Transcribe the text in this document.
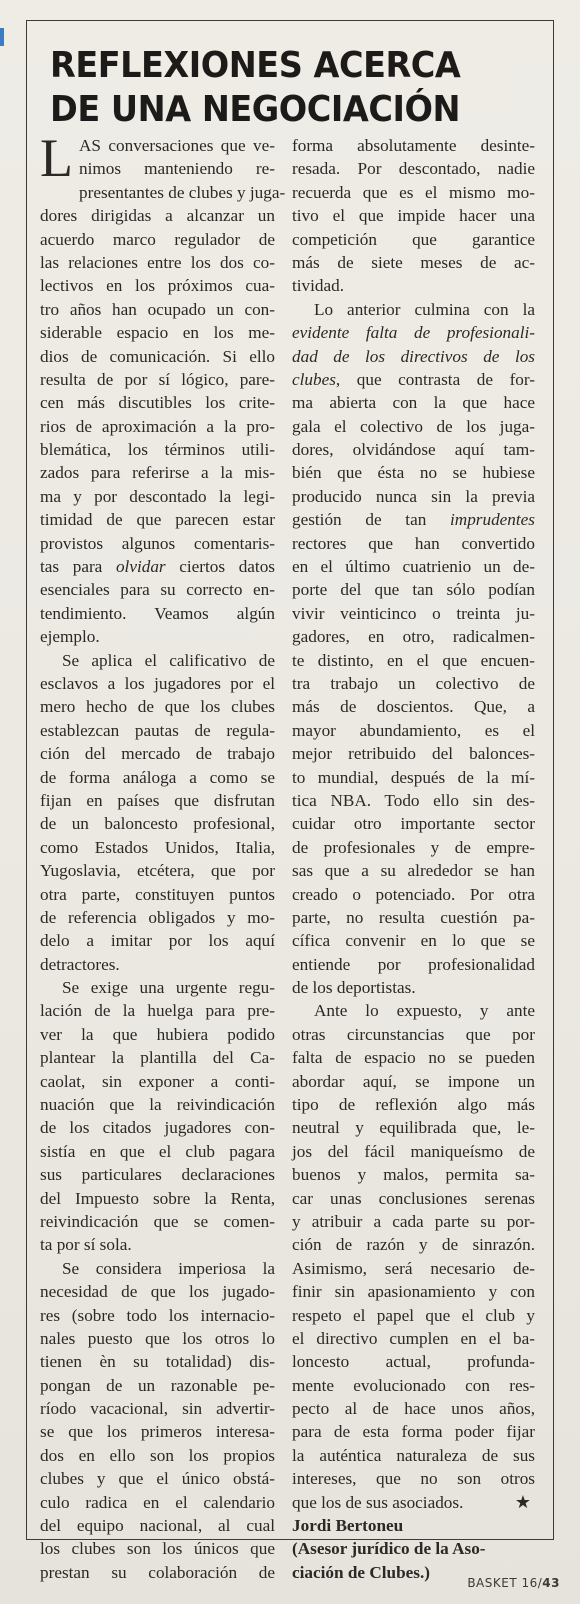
REFLEXIONES ACERCA
DE UNA NEGOCIACIÓN
L AS conversaciones que ve-
nimos manteniendo re-
presentantes de clubes y juga-
dores dirigidas a alcanzar un
acuerdo marco regulador de
las relaciones entre los dos co-
lectivos en los próximos cua-
tro años han ocupado un con-
siderable espacio en los me-
dios de comunicación. Si ello
resulta de por sí lógico, pare-
cen más discutibles los crite-
rios de aproximación a la pro-
blemática, los términos utili-
zados para referirse a la mis-
ma y por descontado la legi-
timidad de que parecen estar
provistos algunos comentaris-
tas para olvidar ciertos datos
esenciales para su correcto en-
tendimiento. Veamos algún
ejemplo.
Se aplica el calificativo de
esclavos a los jugadores por el
mero hecho de que los clubes
establezcan pautas de regula-
ción del mercado de trabajo
de forma análoga a como se
fijan en países que disfrutan
de un baloncesto profesional,
como Estados Unidos, Italia,
Yugoslavia, etcétera, que por
otra parte, constituyen puntos
de referencia obligados y mo-
delo a imitar por los aquí
detractores.
Se exige una urgente regu-
lación de la huelga para pre-
ver la que hubiera podido
plantear la plantilla del Ca-
caolat, sin exponer a conti-
nuación que la reivindicación
de los citados jugadores con-
sistía en que el club pagara
sus particulares declaraciones
del Impuesto sobre la Renta,
reivindicación que se comen-
ta por sí sola.
Se considera imperiosa la
necesidad de que los jugado-
res (sobre todo los internacio-
nales puesto que los otros lo
tienen èn su totalidad) dis-
pongan de un razonable pe-
ríodo vacacional, sin advertir-
se que los primeros interesa-
dos en ello son los propios
clubes y que el único obstá-
culo radica en el calendario
del equipo nacional, al cual
los clubes son los únicos que
prestan su colaboración de
forma absolutamente desinte-
resada. Por descontado, nadie
recuerda que es el mismo mo-
tivo el que impide hacer una
competición que garantice
más de siete meses de ac-
tividad.
Lo anterior culmina con la
evidente falta de profesionali-
dad de los directivos de los
clubes, que contrasta de for-
ma abierta con la que hace
gala el colectivo de los juga-
dores, olvidándose aquí tam-
bién que ésta no se hubiese
producido nunca sin la previa
gestión de tan imprudentes
rectores que han convertido
en el último cuatrienio un de-
porte del que tan sólo podían
vivir veinticinco o treinta ju-
gadores, en otro, radicalmen-
te distinto, en el que encuen-
tra trabajo un colectivo de
más de doscientos. Que, a
mayor abundamiento, es el
mejor retribuido del balonces-
to mundial, después de la mí-
tica NBA. Todo ello sin des-
cuidar otro importante sector
de profesionales y de empre-
sas que a su alrededor se han
creado o potenciado. Por otra
parte, no resulta cuestión pa-
cífica convenir en lo que se
entiende por profesionalidad
de los deportistas.
Ante lo expuesto, y ante
otras circunstancias que por
falta de espacio no se pueden
abordar aquí, se impone un
tipo de reflexión algo más
neutral y equilibrada que, le-
jos del fácil maniqueísmo de
buenos y malos, permita sa-
car unas conclusiones serenas
y atribuir a cada parte su por-
ción de razón y de sinrazón.
Asimismo, será necesario de-
finir sin apasionamiento y con
respeto el papel que el club y
el directivo cumplen en el ba-
loncesto actual, profunda-
mente evolucionado con res-
pecto al de hace unos años,
para de esta forma poder fijar
la auténtica naturaleza de sus
intereses, que no son otros
que los de sus asociados.	★
Jordi Bertoneu
(Asesor jurídico de la Aso-
ciación de Clubes.)
BASKET 16/43
